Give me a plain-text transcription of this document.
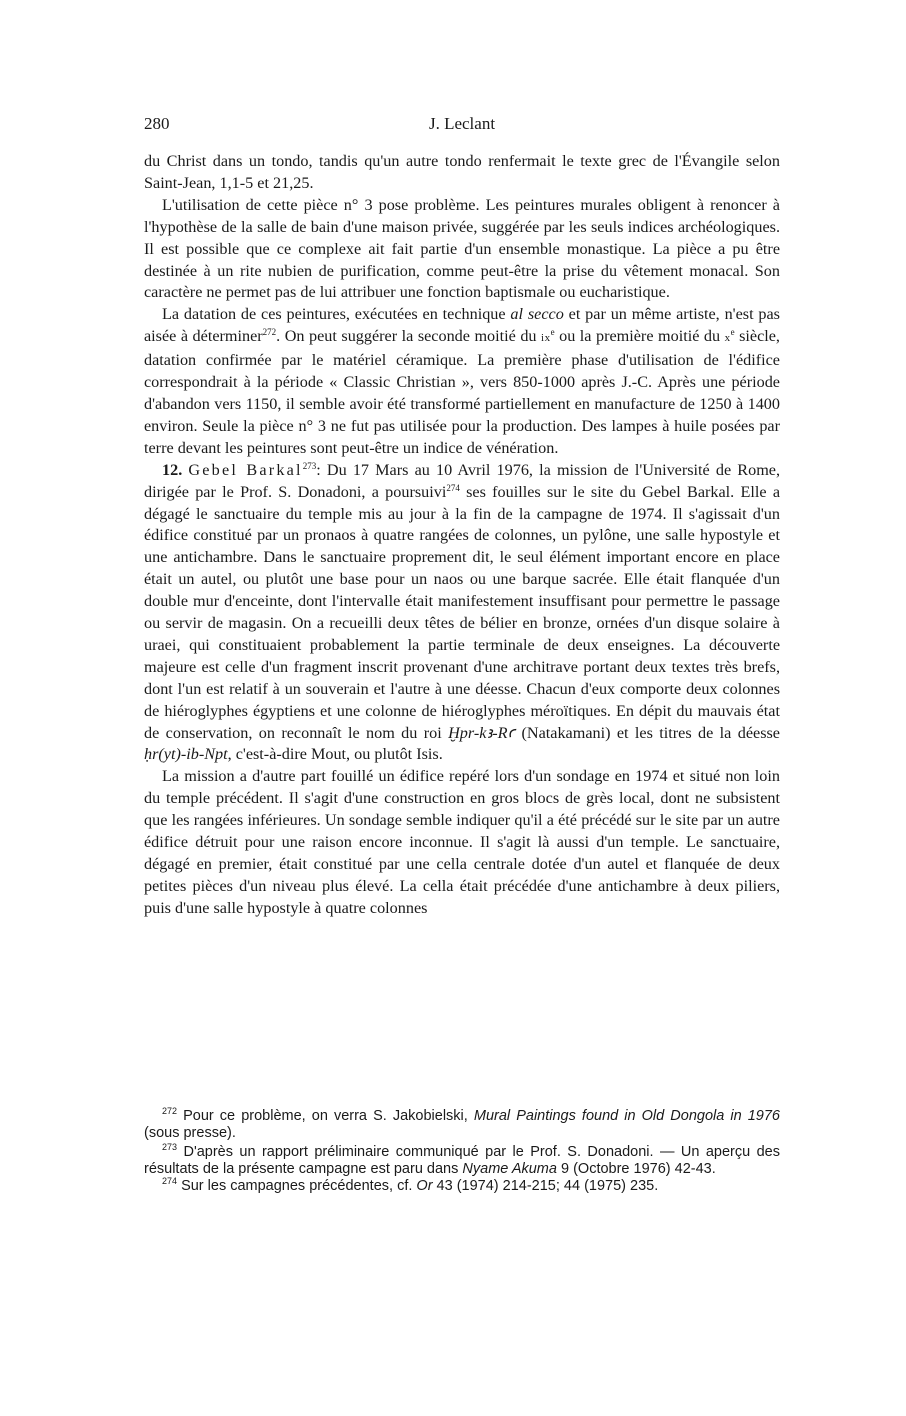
280	J. Leclant

du Christ dans un tondo, tandis qu'un autre tondo renfermait le texte grec de l'Évangile selon Saint-Jean, 1,1-5 et 21,25.

L'utilisation de cette pièce n° 3 pose problème. Les peintures murales obligent à renoncer à l'hypothèse de la salle de bain d'une maison privée, suggérée par les seuls indices archéologiques. Il est possible que ce complexe ait fait partie d'un ensemble monastique. La pièce a pu être destinée à un rite nubien de purification, comme peut-être la prise du vêtement monacal. Son caractère ne permet pas de lui attribuer une fonction baptismale ou eucharistique.

La datation de ces peintures, exécutées en technique al secco et par un même artiste, n'est pas aisée à déterminer$^{272}$. On peut suggérer la seconde moitié du $ix^e$ ou la première moitié du $x^e$ siècle, datation confirmée par le matériel céramique. La première phase d'utilisation de l'édifice correspondrait à la période « Classic Christian », vers 850-1000 après J.-C. Après une période d'abandon vers 1150, il semble avoir été transformé partiellement en manufacture de 1250 à 1400 environ. Seule la pièce n° 3 ne fut pas utilisée pour la production. Des lampes à huile posées par terre devant les peintures sont peut-être un indice de vénération.

12. Gebel Barkal$^{273}$: Du 17 Mars au 10 Avril 1976, la mission de l'Université de Rome, dirigée par le Prof. S. Donadoni, a poursuivi$^{274}$ ses fouilles sur le site du Gebel Barkal. Elle a dégagé le sanctuaire du temple mis au jour à la fin de la campagne de 1974. Il s'agissait d'un édifice constitué par un pronaos à quatre rangées de colonnes, un pylône, une salle hypostyle et une antichambre. Dans le sanctuaire proprement dit, le seul élément important encore en place était un autel, ou plutôt une base pour un naos ou une barque sacrée. Elle était flanquée d'un double mur d'enceinte, dont l'intervalle était manifestement insuffisant pour permettre le passage ou servir de magasin. On a recueilli deux têtes de bélier en bronze, ornées d'un disque solaire à uraei, qui constituaient probablement la partie terminale de deux enseignes. La découverte majeure est celle d'un fragment inscrit provenant d'une architrave portant deux textes très brefs, dont l'un est relatif à un souverain et l'autre à une déesse. Chacun d'eux comporte deux colonnes de hiéroglyphes égyptiens et une colonne de hiéroglyphes méroïtiques. En dépit du mauvais état de conservation, on reconnaît le nom du roi Ḫpr-kꜣ-Rꜥ (Natakamani) et les titres de la déesse ḥr(yt)-ib-Npt, c'est-à-dire Mout, ou plutôt Isis.

La mission a d'autre part fouillé un édifice repéré lors d'un sondage en 1974 et situé non loin du temple précédent. Il s'agit d'une construction en gros blocs de grès local, dont ne subsistent que les rangées inférieures. Un sondage semble indiquer qu'il a été précédé sur le site par un autre édifice détruit pour une raison encore inconnue. Il s'agit là aussi d'un temple. Le sanctuaire, dégagé en premier, était constitué par une cella centrale dotée d'un autel et flanquée de deux petites pièces d'un niveau plus élevé. La cella était précédée d'une antichambre à deux piliers, puis d'une salle hypostyle à quatre colonnes

$^{272}$ Pour ce problème, on verra S. Jakobielski, Mural Paintings found in Old Dongola in 1976 (sous presse).

$^{273}$ D'après un rapport préliminaire communiqué par le Prof. S. Donadoni. — Un aperçu des résultats de la présente campagne est paru dans Nyame Akuma 9 (Octobre 1976) 42-43.

$^{274}$ Sur les campagnes précédentes, cf. Or 43 (1974) 214-215; 44 (1975) 235.
